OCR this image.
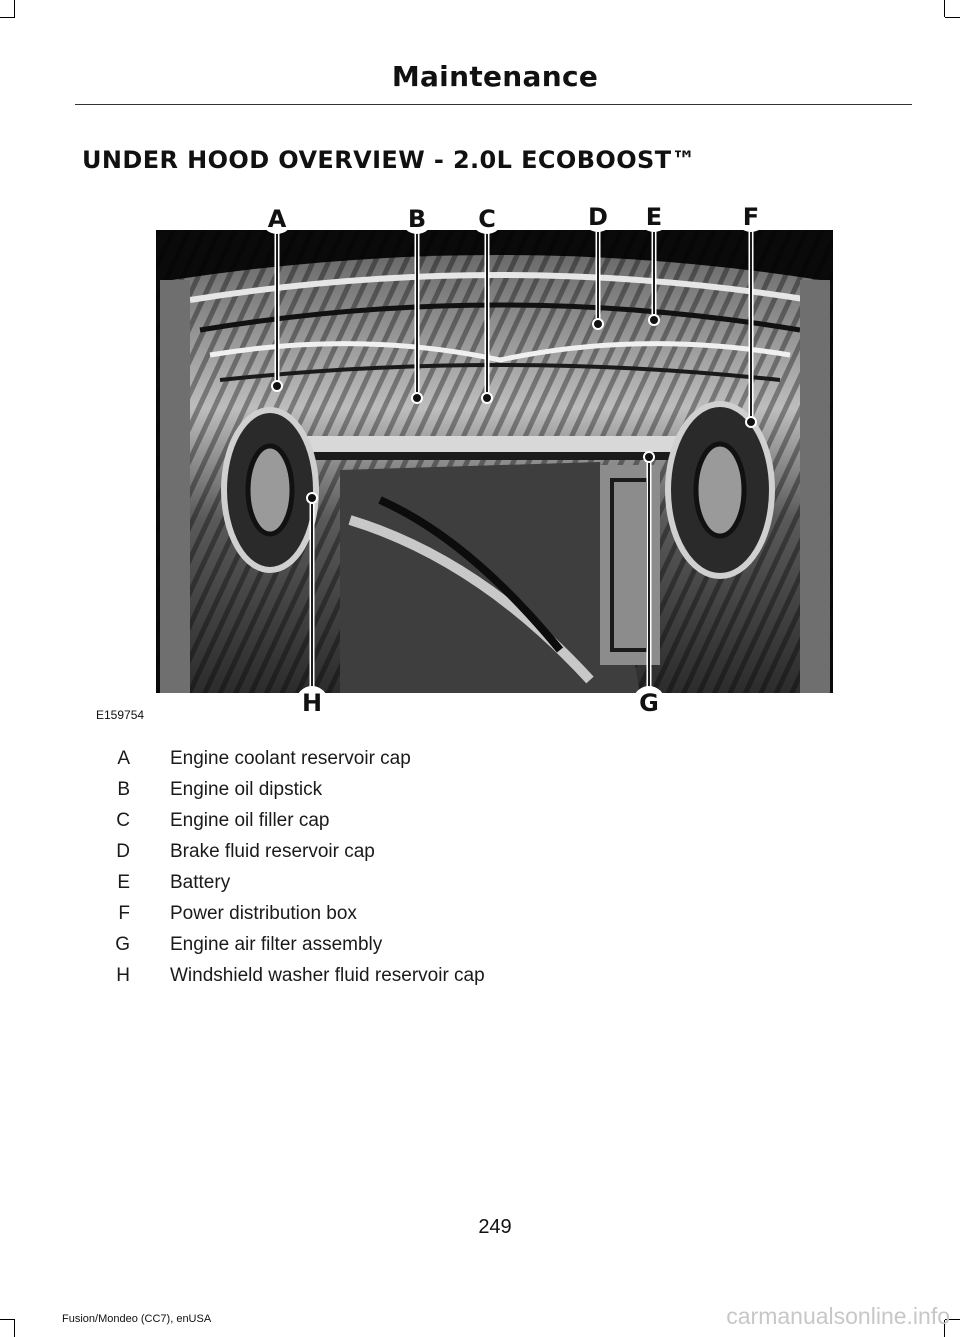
Maintenance
UNDER HOOD OVERVIEW - 2.0L ECOBOOST™
A	B C	D E	F
G
H
E159754
A Engine coolant reservoir cap
B Engine oil dipstick
C Engine oil filler cap
D Brake fluid reservoir cap
E Battery
F Power distribution box
G Engine air filter assembly
H Windshield washer fluid reservoir cap
249
Fusion/Mondeo (CC7), enUSA	carmanualsonline.info
